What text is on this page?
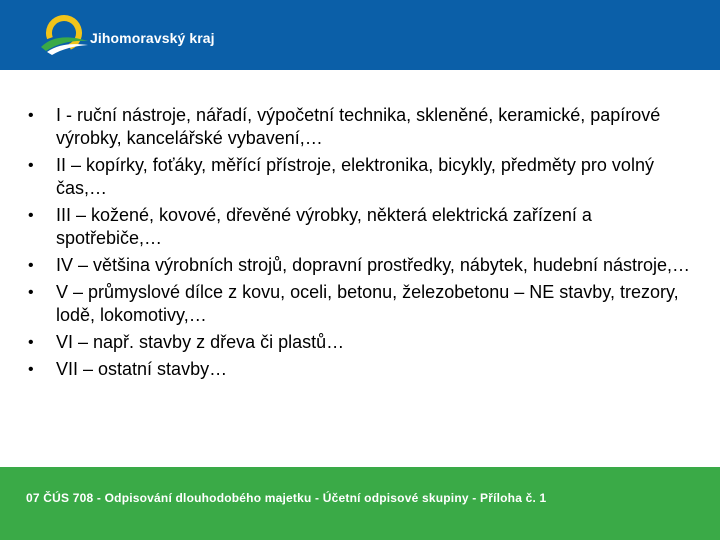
Jihomoravský kraj
• I - ruční nástroje, nářadí, výpočetní technika, skleněné, keramické, papírové výrobky, kancelářské vybavení,…
• II – kopírky, foťáky, měřící přístroje, elektronika, bicykly, předměty pro volný čas,…
• III – kožené, kovové, dřevěné výrobky, některá elektrická zařízení a spotřebiče,…
• IV – většina výrobních strojů, dopravní prostředky, nábytek, hudební nástroje,…
• V – průmyslové dílce z kovu, oceli, betonu, železobetonu – NE stavby, trezory, lodě, lokomotivy,…
• VI – např. stavby z dřeva či plastů…
• VII – ostatní stavby…
07 ČÚS 708 - Odpisování dlouhodobého majetku - Účetní odpisové skupiny - Příloha č. 1
